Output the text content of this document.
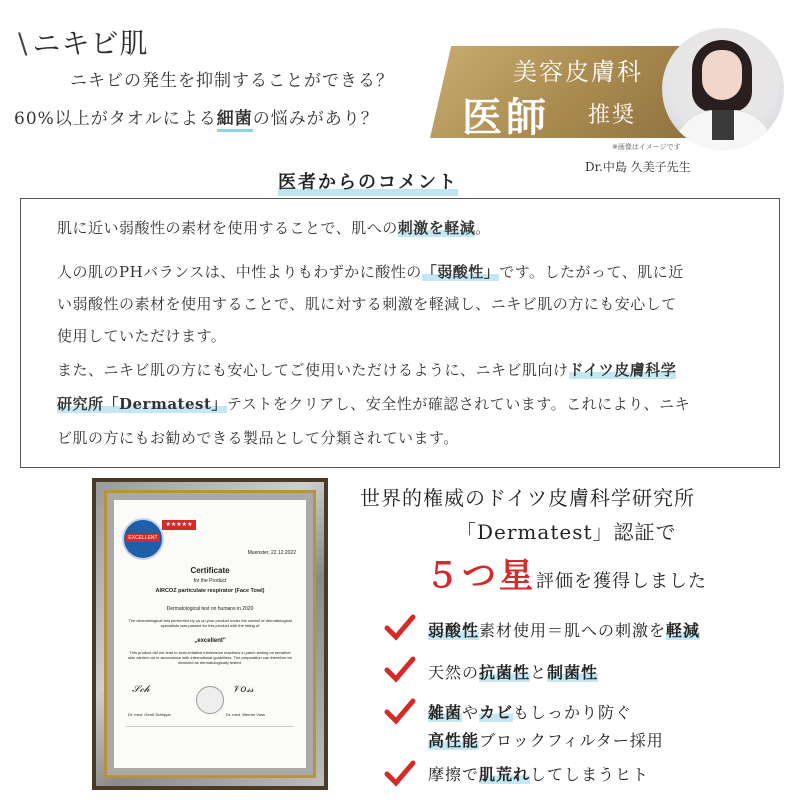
\ ニキビ肌
ニキビの発生を抑制することができる？
60%以上がタオルによる細菌の悩みがあり？
美容皮膚科
医師 推奨
※画像はイメージです
Dr.中島 久美子先生
医者からのコメント
肌に近い弱酸性の素材を使用することで、肌への刺激を軽減。
人の肌のPHバランスは、中性よりもわずかに酸性の「弱酸性」です。したがって、肌に近
い弱酸性の素材を使用することで、肌に対する刺激を軽減し、ニキビ肌の方にも安心して
使用していただけます。
また、ニキビ肌の方にも安心してご使用いただけるように、ニキビ肌向けドイツ皮膚科学
研究所「Dermatest」テストをクリアし、安全性が確認されています。これにより、ニキ
ビ肌の方にもお勧めできる製品として分類されています。
EXCELLENT
★★★★★
Muenster, 22.12.2022
Certificate
for the Product
AIRCOZ particulate respirator (Face Towl)
Dermatological test on humans in 2020
The dermatological test performed by us on your product under the control of dermatological specialists was passed for this product with the rating of
„excellent"
This product did not lead to toxic-irritative intolerance reactions in patch testing on sensitive skin carried out in accordance with international guidelines. The preparation can therefore be declared as dermatologically tested.
𝒮𝒸𝒽	𝒱𝑜𝓈𝓈
Dr. med. Gerrit Schlippe	Dr. med. Werner Voss
世界的権威のドイツ皮膚科学研究所
「Dermatest」認証で
５つ星評価を獲得しました
弱酸性素材使用＝肌への刺激を軽減
天然の抗菌性と制菌性
雑菌やカビもしっかり防ぐ
高性能ブロックフィルター採用
摩擦で肌荒れしてしまうヒト
